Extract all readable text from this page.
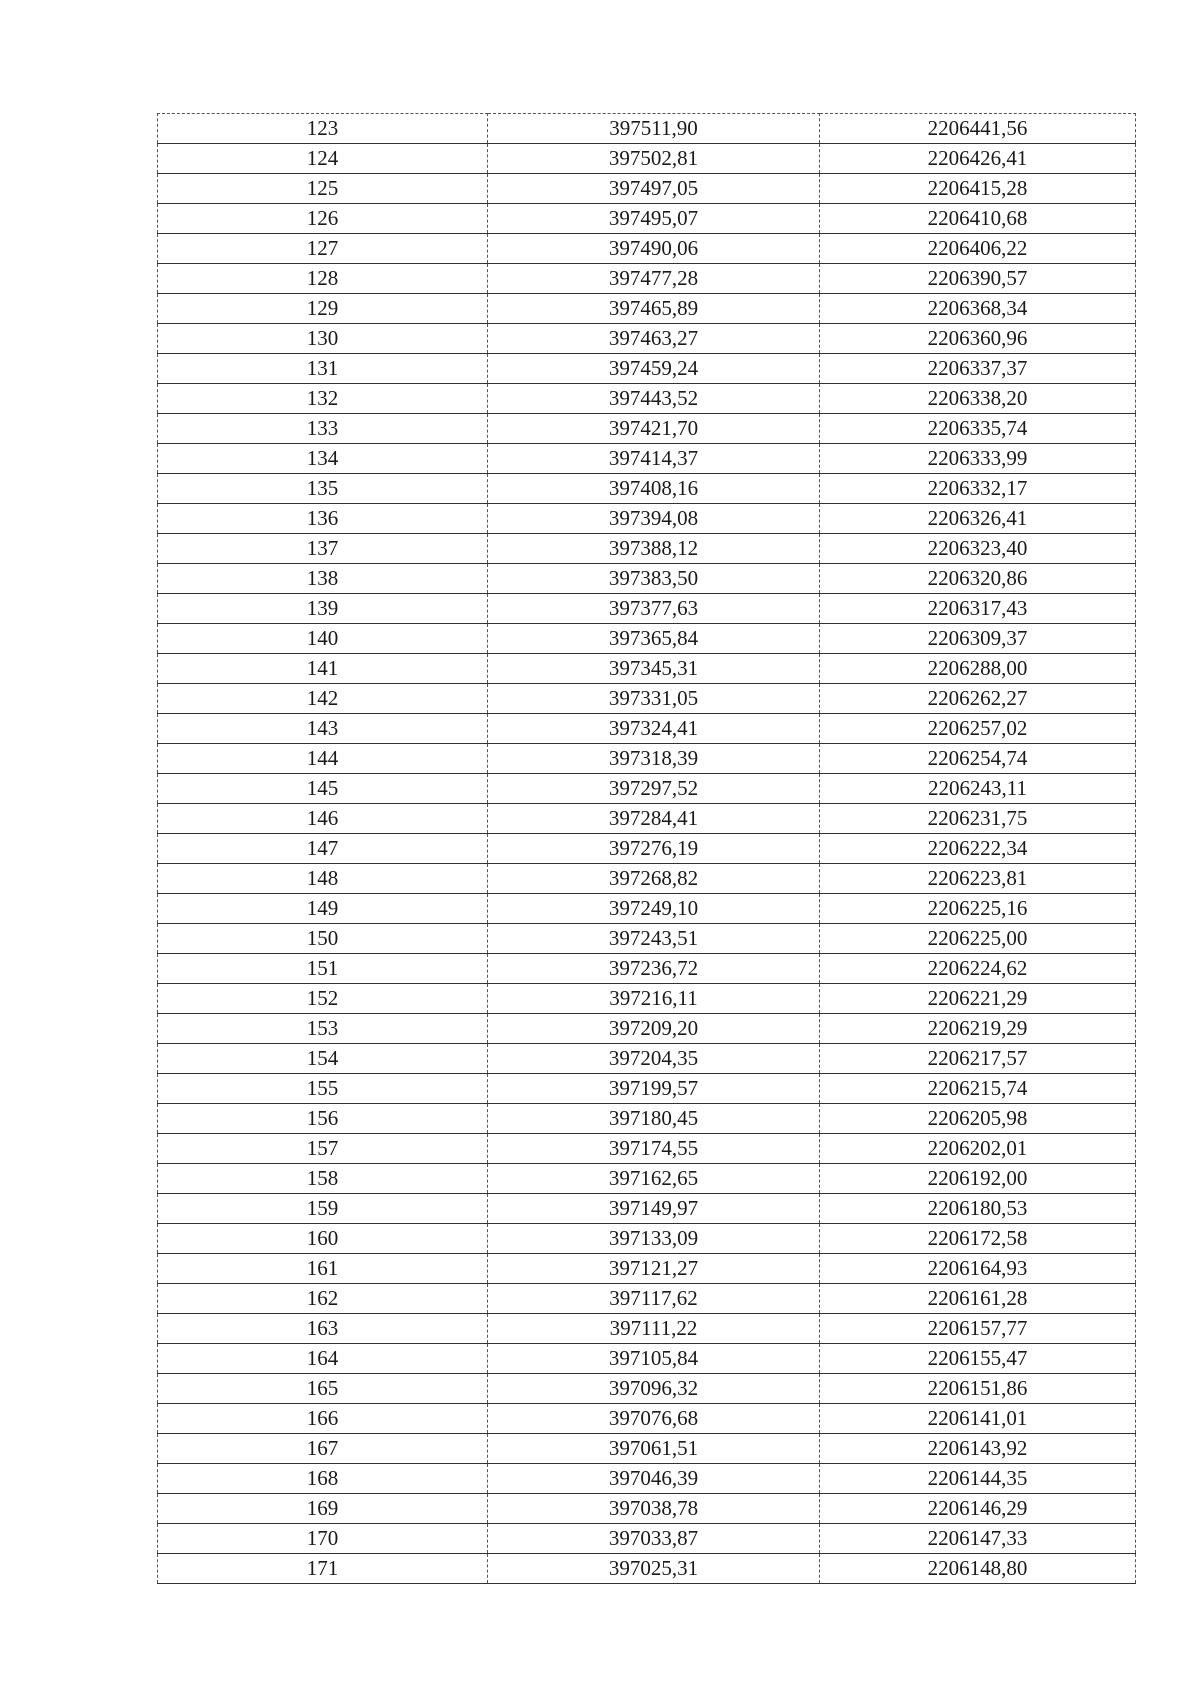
123	397511,90	2206441,56
124	397502,81	2206426,41
125	397497,05	2206415,28
126	397495,07	2206410,68
127	397490,06	2206406,22
128	397477,28	2206390,57
129	397465,89	2206368,34
130	397463,27	2206360,96
131	397459,24	2206337,37
132	397443,52	2206338,20
133	397421,70	2206335,74
134	397414,37	2206333,99
135	397408,16	2206332,17
136	397394,08	2206326,41
137	397388,12	2206323,40
138	397383,50	2206320,86
139	397377,63	2206317,43
140	397365,84	2206309,37
141	397345,31	2206288,00
142	397331,05	2206262,27
143	397324,41	2206257,02
144	397318,39	2206254,74
145	397297,52	2206243,11
146	397284,41	2206231,75
147	397276,19	2206222,34
148	397268,82	2206223,81
149	397249,10	2206225,16
150	397243,51	2206225,00
151	397236,72	2206224,62
152	397216,11	2206221,29
153	397209,20	2206219,29
154	397204,35	2206217,57
155	397199,57	2206215,74
156	397180,45	2206205,98
157	397174,55	2206202,01
158	397162,65	2206192,00
159	397149,97	2206180,53
160	397133,09	2206172,58
161	397121,27	2206164,93
162	397117,62	2206161,28
163	397111,22	2206157,77
164	397105,84	2206155,47
165	397096,32	2206151,86
166	397076,68	2206141,01
167	397061,51	2206143,92
168	397046,39	2206144,35
169	397038,78	2206146,29
170	397033,87	2206147,33
171	397025,31	2206148,80
